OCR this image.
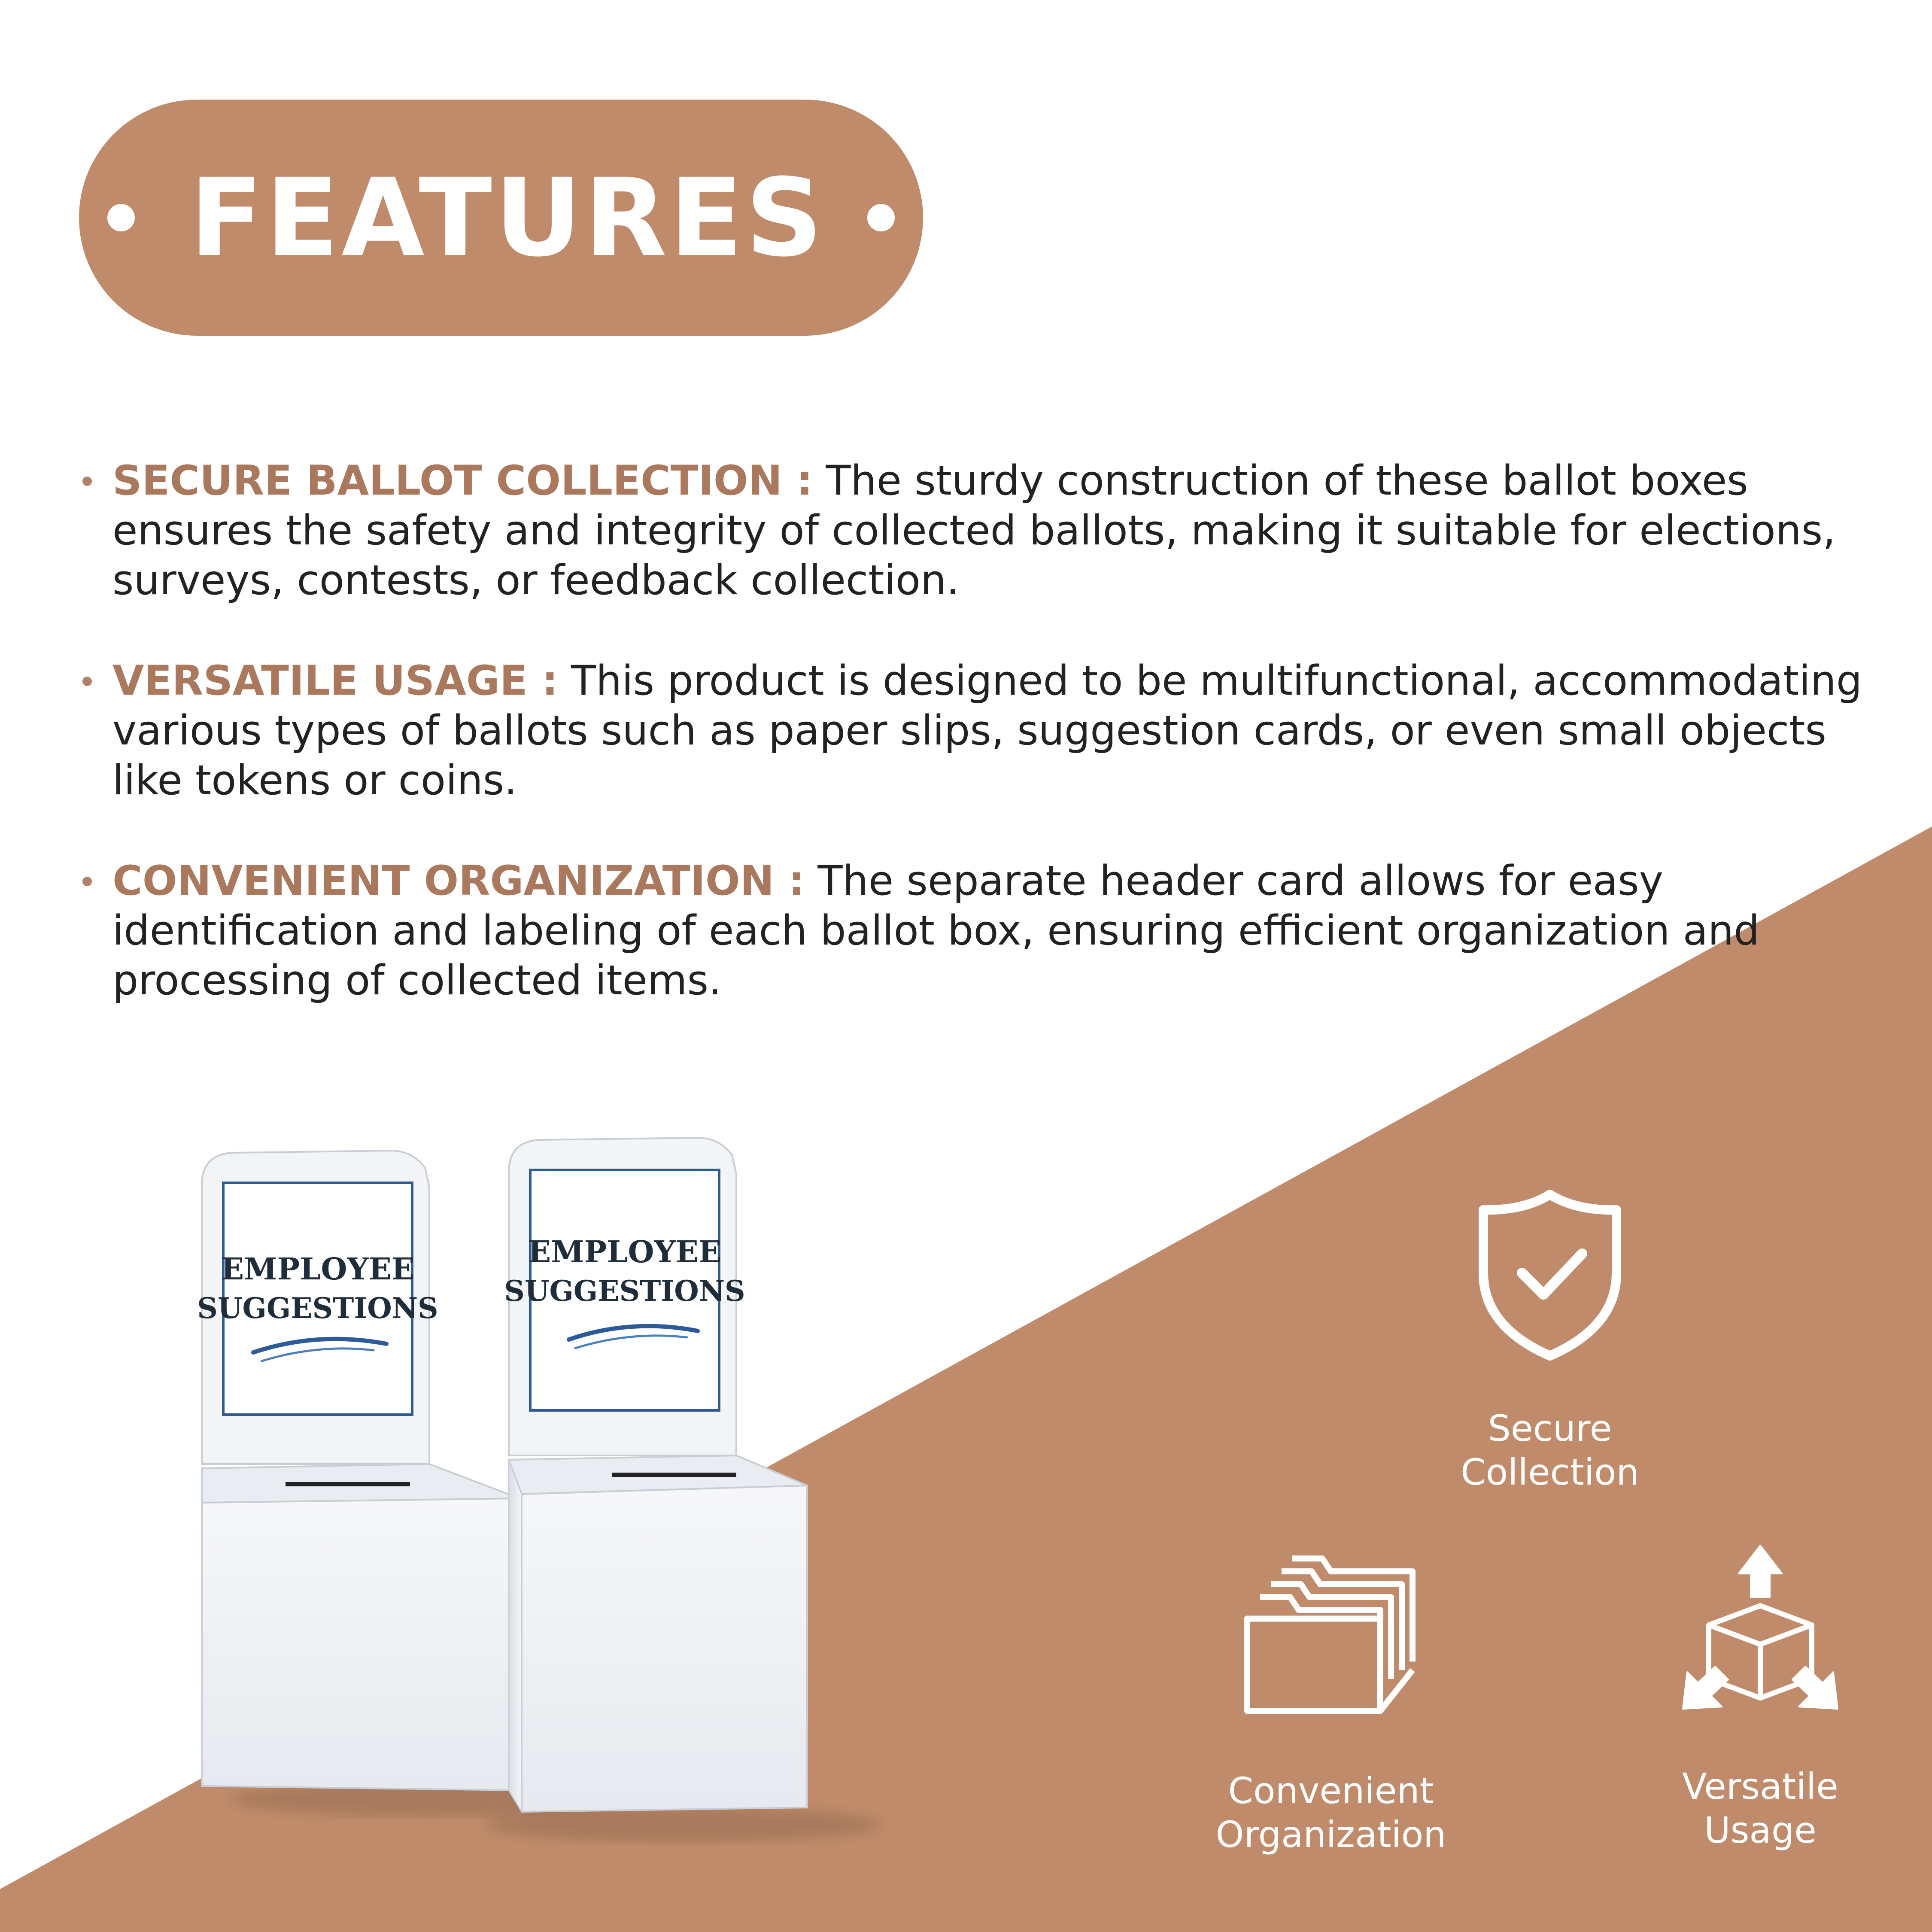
FEATURES
SECURE BALLOT COLLECTION : The sturdy construction of these ballot boxes ensures the safety and integrity of collected ballots, making it suitable for elections, surveys, contests, or feedback collection.
VERSATILE USAGE : This product is designed to be multifunctional, accommodating various types of ballots such as paper slips, suggestion cards, or even small objects like tokens or coins.
CONVENIENT ORGANIZATION : The separate header card allows for easy identification and labeling of each ballot box, ensuring efficient organization and processing of collected items.
EMPLOYEE
SUGGESTIONS
EMPLOYEE
SUGGESTIONS
Secure
Collection
Convenient
Organization
Versatile
Usage
